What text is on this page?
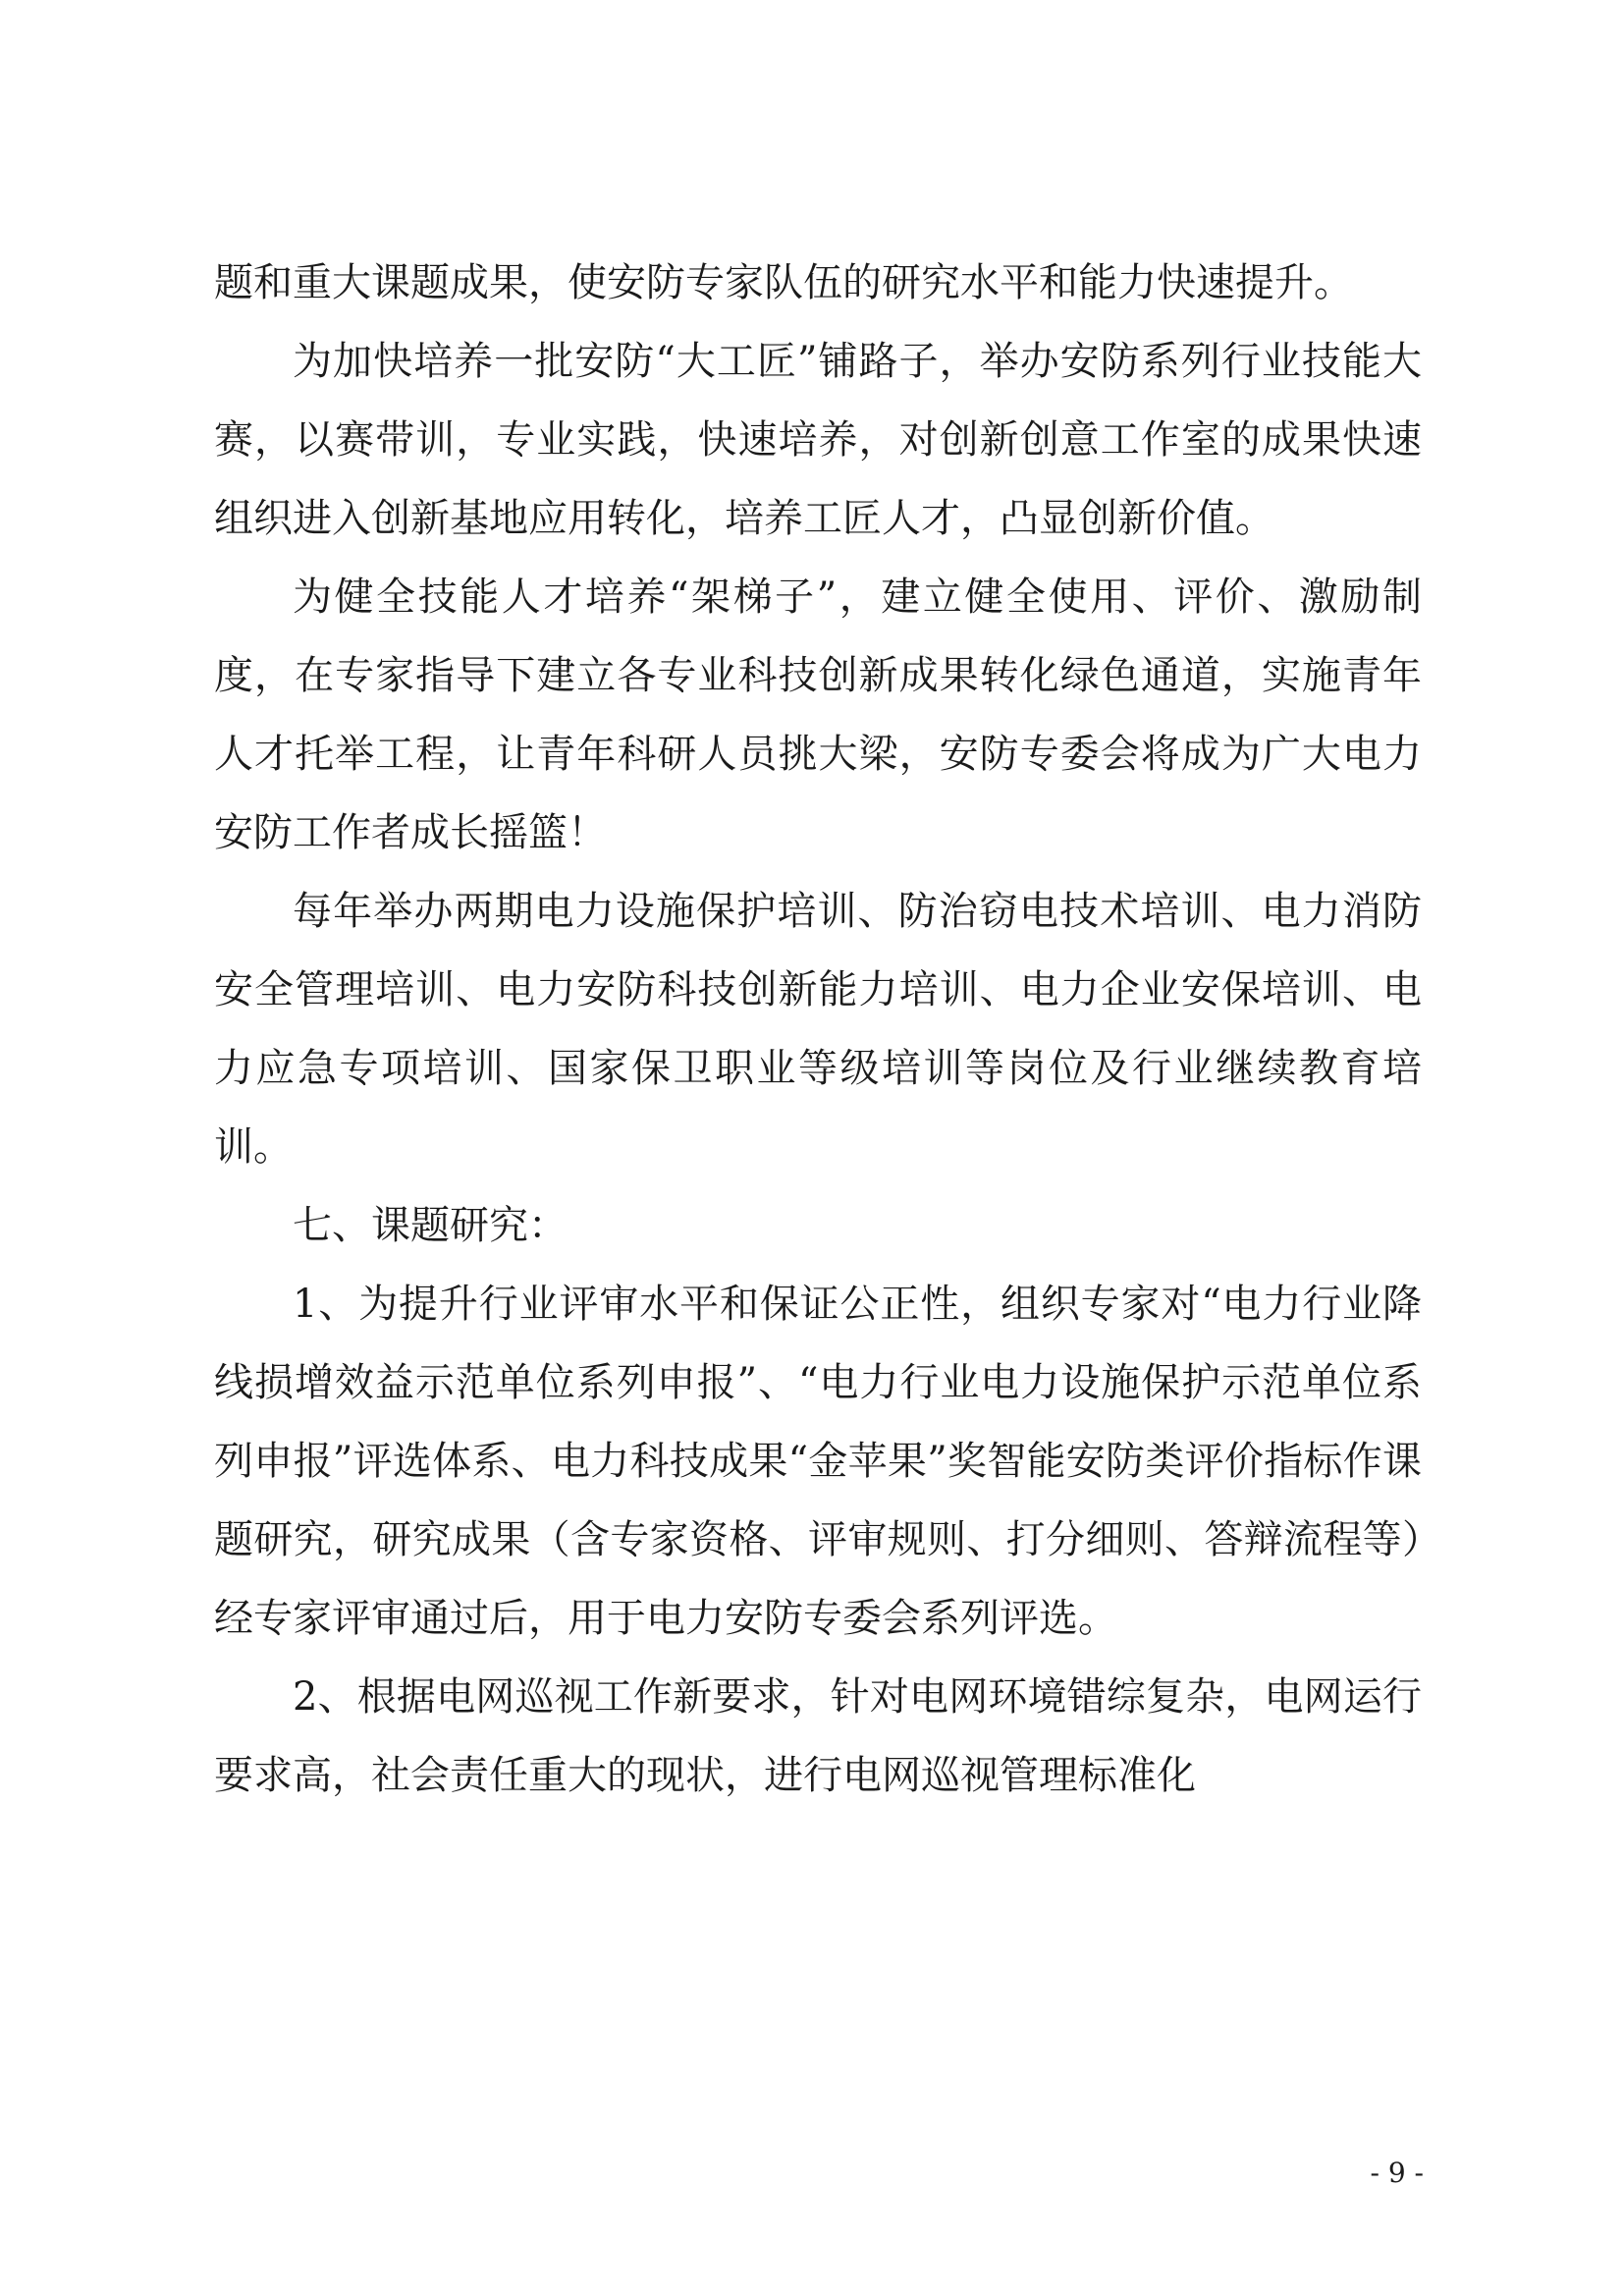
题和重大课题成果，使安防专家队伍的研究水平和能力快速提升。

为加快培养一批安防“大工匠”铺路子，举办安防系列行业技能大赛，以赛带训，专业实践，快速培养，对创新创意工作室的成果快速组织进入创新基地应用转化，培养工匠人才，凸显创新价值。

为健全技能人才培养“架梯子”，建立健全使用、评价、激励制度，在专家指导下建立各专业科技创新成果转化绿色通道，实施青年人才托举工程，让青年科研人员挑大梁，安防专委会将成为广大电力安防工作者成长摇篮！

每年举办两期电力设施保护培训、防治窃电技术培训、电力消防安全管理培训、电力安防科技创新能力培训、电力企业安保培训、电力应急专项培训、国家保卫职业等级培训等岗位及行业继续教育培训。

七、课题研究：

1、为提升行业评审水平和保证公正性，组织专家对“电力行业降线损增效益示范单位系列申报”、“电力行业电力设施保护示范单位系列申报”评选体系、电力科技成果“金苹果”奖智能安防类评价指标作课题研究，研究成果（含专家资格、评审规则、打分细则、答辩流程等）经专家评审通过后，用于电力安防专委会系列评选。

2、根据电网巡视工作新要求，针对电网环境错综复杂，电网运行要求高，社会责任重大的现状，进行电网巡视管理标准化

- 9 -
